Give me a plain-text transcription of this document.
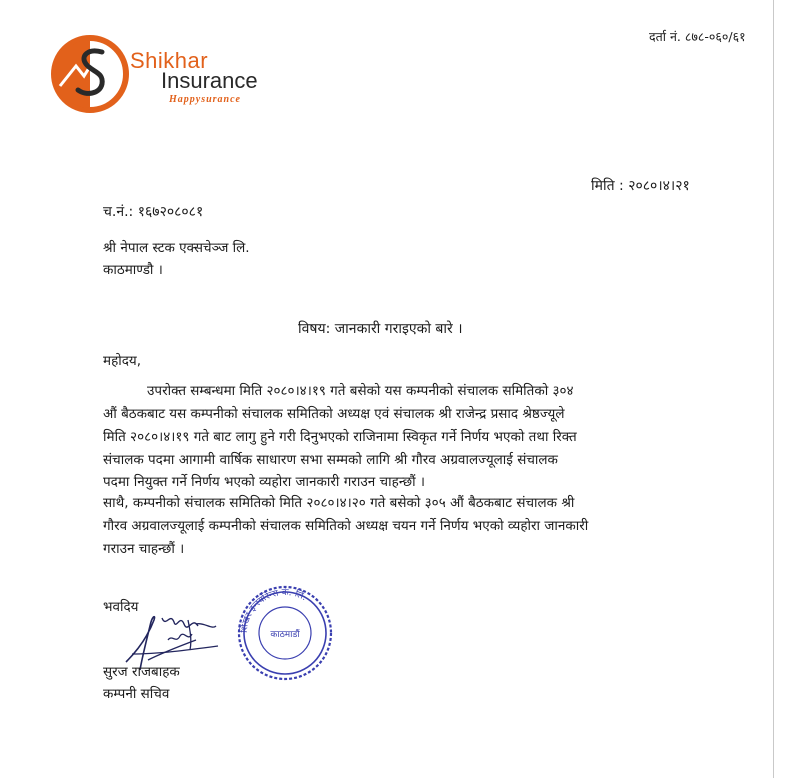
Shikhar
Insurance
Happysurance
दर्ता नं. ८७८-०६०/६१
मिति : २०८०।४।२१
च.नं.: १६७२०८०८१
श्री नेपाल स्टक एक्सचेञ्ज लि.
काठमाण्डौ ।
विषय: जानकारी गराइएको बारे ।
महोदय,
उपरोक्त सम्बन्धमा मिति २०८०।४।१९ गते बसेको यस कम्पनीको संचालक समितिको ३०४
औं बैठकबाट यस कम्पनीको संचालक समितिको अध्यक्ष एवं संचालक श्री राजेन्द्र प्रसाद श्रेष्ठज्यूले
मिति २०८०।४।१९ गते बाट लागु हुने गरी दिनुभएको राजिनामा स्विकृत गर्ने निर्णय भएको तथा रिक्त
संचालक पदमा आगामी वार्षिक साधारण सभा सम्मको लागि श्री गौरव अग्रवालज्यूलाई संचालक
पदमा नियुक्त गर्ने निर्णय भएको व्यहोरा जानकारी गराउन चाहन्छौं ।
साथै, कम्पनीको संचालक समितिको मिति २०८०।४।२० गते बसेको ३०५ औं बैठकबाट संचालक श्री
गौरव अग्रवालज्यूलाई कम्पनीको संचालक समितिको अध्यक्ष चयन गर्ने निर्णय भएको व्यहोरा जानकारी
गराउन चाहन्छौं ।
भवदिय
शिखर इन्स्योरेन्स कं. लि.
काठमाडौं
सुरज राजबाहक
कम्पनी सचिव
